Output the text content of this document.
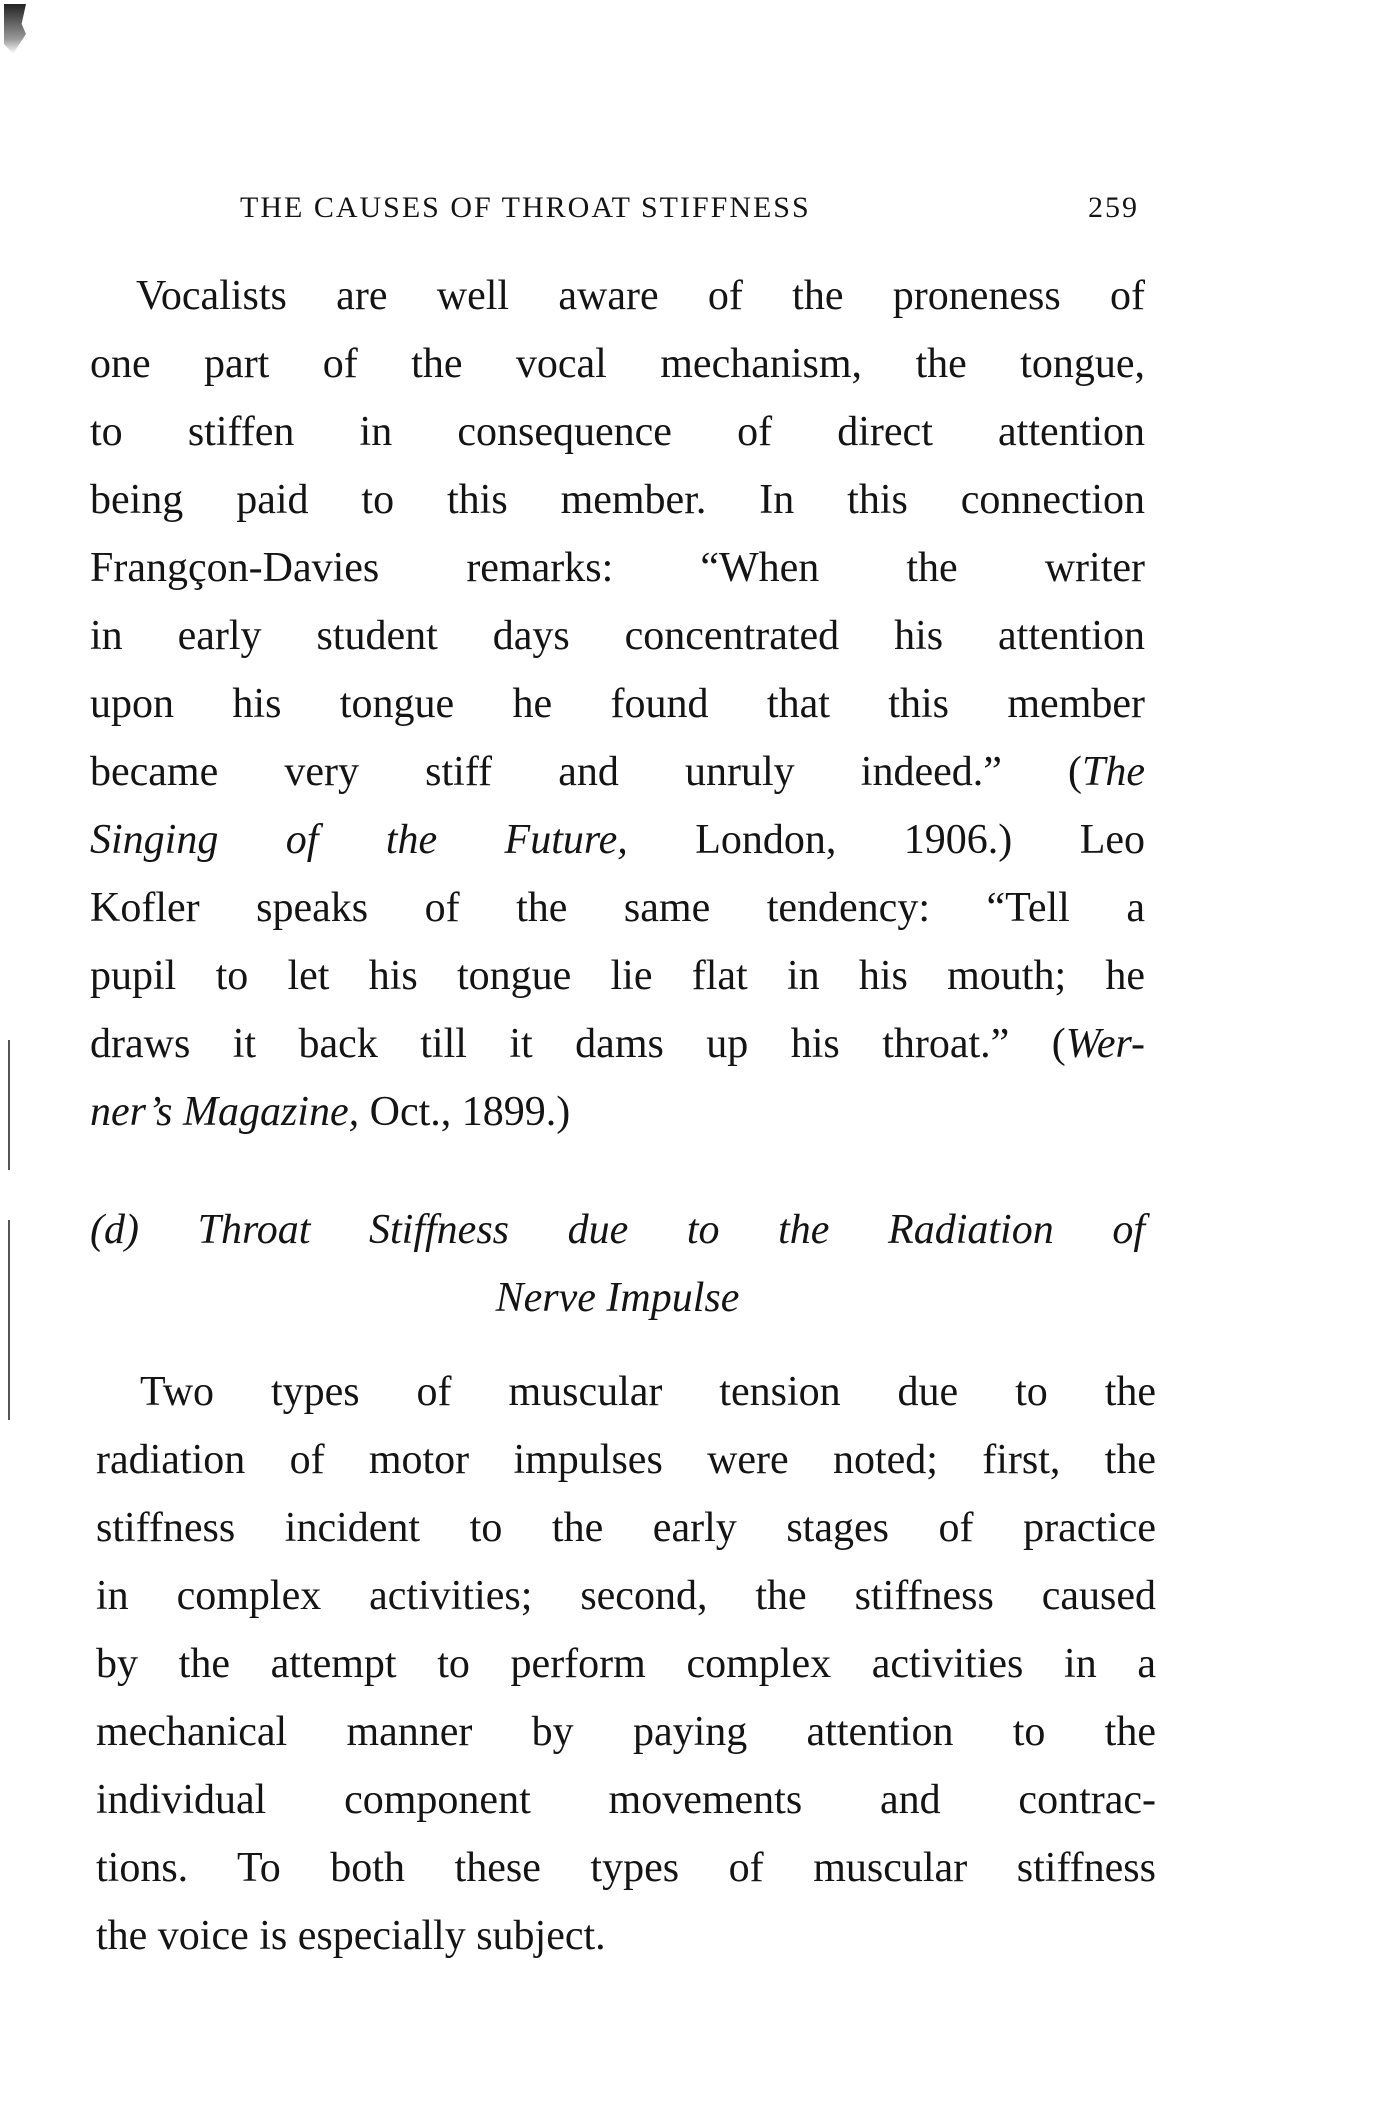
THE CAUSES OF THROAT STIFFNESS	259
Vocalists are well aware of the proneness of
one part of the vocal mechanism, the tongue,
to stiffen in consequence of direct attention
being paid to this member. In this connection
Frangçon-Davies remarks: “When the writer
in early student days concentrated his attention
upon his tongue he found that this member
became very stiff and unruly indeed.” (The
Singing of the Future, London, 1906.) Leo
Kofler speaks of the same tendency: “Tell a
pupil to let his tongue lie flat in his mouth; he
draws it back till it dams up his throat.” (Wer-
ner’s Magazine, Oct., 1899.)
(d) Throat Stiffness due to the Radiation of
Nerve Impulse
Two types of muscular tension due to the
radiation of motor impulses were noted; first, the
stiffness incident to the early stages of practice
in complex activities; second, the stiffness caused
by the attempt to perform complex activities in a
mechanical manner by paying attention to the
individual component movements and contrac-
tions. To both these types of muscular stiffness
the voice is especially subject.
